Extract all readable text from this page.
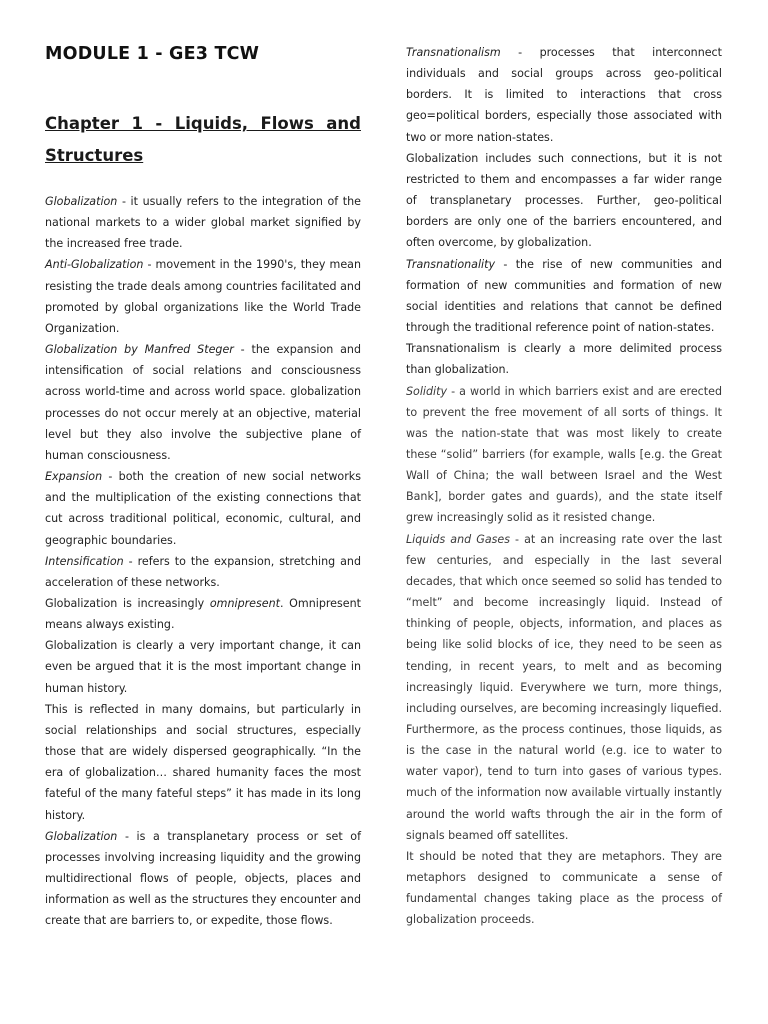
MODULE 1 - GE3 TCW
Chapter 1 - Liquids, Flows and Structures

Globalization - it usually refers to the integration of the national markets to a wider global market signified by the increased free trade.

Anti-Globalization - movement in the 1990's, they mean resisting the trade deals among countries facilitated and promoted by global organizations like the World Trade Organization.

Globalization by Manfred Steger - the expansion and intensification of social relations and consciousness across world-time and across world space. globalization processes do not occur merely at an objective, material level but they also involve the subjective plane of human consciousness.

Expansion - both the creation of new social networks and the multiplication of the existing connections that cut across traditional political, economic, cultural, and geographic boundaries.

Intensification - refers to the expansion, stretching and acceleration of these networks.

Globalization is increasingly omnipresent. Omnipresent means always existing.

Globalization is clearly a very important change, it can even be argued that it is the most important change in human history.

This is reflected in many domains, but particularly in social relationships and social structures, especially those that are widely dispersed geographically. “In the era of globalization… shared humanity faces the most fateful of the many fateful steps” it has made in its long history.

Globalization - is a transplanetary process or set of processes involving increasing liquidity and the growing multidirectional flows of people, objects, places and information as well as the structures they encounter and create that are barriers to, or expedite, those flows.

Transnationalism - processes that interconnect individuals and social groups across geo-political borders. It is limited to interactions that cross geo=political borders, especially those associated with two or more nation-states.

Globalization includes such connections, but it is not restricted to them and encompasses a far wider range of transplanetary processes. Further, geo-political borders are only one of the barriers encountered, and often overcome, by globalization.

Transnationality - the rise of new communities and formation of new communities and formation of new social identities and relations that cannot be defined through the traditional reference point of nation-states.

Transnationalism is clearly a more delimited process than globalization.

Solidity - a world in which barriers exist and are erected to prevent the free movement of all sorts of things. It was the nation-state that was most likely to create these “solid” barriers (for example, walls [e.g. the Great Wall of China; the wall between Israel and the West Bank], border gates and guards), and the state itself grew increasingly solid as it resisted change.

Liquids and Gases - at an increasing rate over the last few centuries, and especially in the last several decades, that which once seemed so solid has tended to “melt” and become increasingly liquid. Instead of thinking of people, objects, information, and places as being like solid blocks of ice, they need to be seen as tending, in recent years, to melt and as becoming increasingly liquid. Everywhere we turn, more things, including ourselves, are becoming increasingly liquefied. Furthermore, as the process continues, those liquids, as is the case in the natural world (e.g. ice to water to water vapor), tend to turn into gases of various types. much of the information now available virtually instantly around the world wafts through the air in the form of signals beamed off satellites.

It should be noted that they are metaphors. They are metaphors designed to communicate a sense of fundamental changes taking place as the process of globalization proceeds.
